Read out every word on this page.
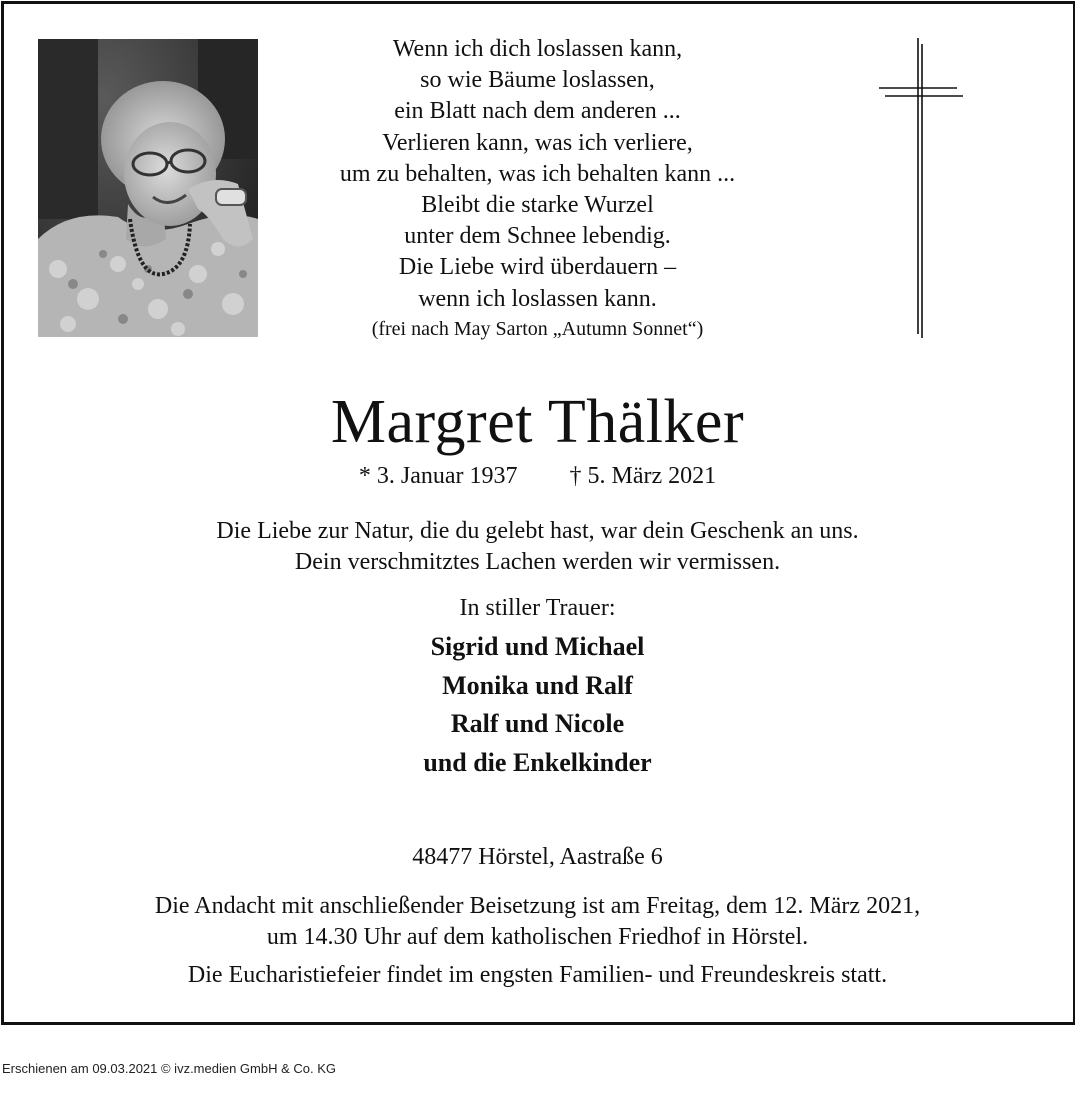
Wenn ich dich loslassen kann,
so wie Bäume loslassen,
ein Blatt nach dem anderen ...
Verlieren kann, was ich verliere,
um zu behalten, was ich behalten kann ...
Bleibt die starke Wurzel
unter dem Schnee lebendig.
Die Liebe wird überdauern –
wenn ich loslassen kann.
(frei nach May Sarton „Autumn Sonnet“)
Margret Thälker
* 3. Januar 1937 † 5. März 2021
Die Liebe zur Natur, die du gelebt hast, war dein Geschenk an uns.
Dein verschmitztes Lachen werden wir vermissen.
In stiller Trauer:
Sigrid und Michael
Monika und Ralf
Ralf und Nicole
und die Enkelkinder
48477 Hörstel, Aastraße 6
Die Andacht mit anschließender Beisetzung ist am Freitag, dem 12. März 2021,
um 14.30 Uhr auf dem katholischen Friedhof in Hörstel.
Die Eucharistiefeier findet im engsten Familien- und Freundeskreis statt.
Erschienen am 09.03.2021 © ivz.medien GmbH & Co. KG
